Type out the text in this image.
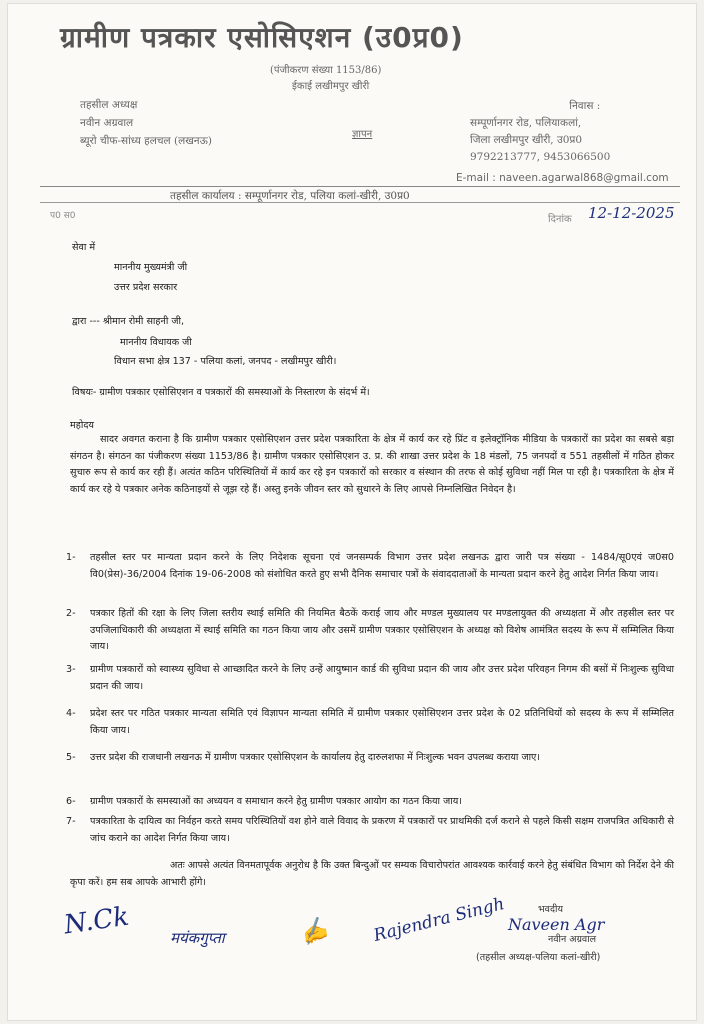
ग्रामीण पत्रकार एसोसिएशन (उ0प्र0)
(पंजीकरण संख्या 1153/86)
ईकाई लखीमपुर खीरी
तहसील अध्यक्ष
नवीन अग्रवाल
ब्यूरो चीफ-सांध्य हलचल (लखनऊ)
ज्ञापन
निवास :
सम्पूर्णानगर रोड, पलियाकलां,
जिला लखीमपुर खीरी, उ0प्र0
9792213777, 9453066500
E-mail : naveen.agarwal868@gmail.com
तहसील कार्यालय : सम्पूर्णानगर रोड, पलिया कलां-खीरी, उ0प्र0
प0 स0	दिनांक 12-12-2025
सेवा में
माननीय मुख्यमंत्री जी
उत्तर प्रदेश सरकार
द्वारा --- श्रीमान रोमी साहनी जी,
माननीय विधायक जी
विधान सभा क्षेत्र 137 - पलिया कलां, जनपद - लखीमपुर खीरी।
विषयः- ग्रामीण पत्रकार एसोसिएशन व पत्रकारों की समस्याओं के निस्तारण के संदर्भ में।
महोदय
सादर अवगत कराना है कि ग्रामीण पत्रकार एसोसिएशन उत्तर प्रदेश पत्रकारिता के क्षेत्र में कार्य कर रहे प्रिंट व इलेक्ट्रॉनिक मीडिया के पत्रकारों का प्रदेश का सबसे बड़ा संगठन है। संगठन का पंजीकरण संख्या 1153/86 है। ग्रामीण पत्रकार एसोसिएशन उ. प्र. की शाखा उत्तर प्रदेश के 18 मंडलों, 75 जनपदों व 551 तहसीलों में गठित होकर सुचारु रूप से कार्य कर रही हैं। अत्यंत कठिन परिस्थितियों में कार्य कर रहे इन पत्रकारों को सरकार व संस्थान की तरफ से कोई सुविधा नहीं मिल पा रही है। पत्रकारिता के क्षेत्र में कार्य कर रहे ये पत्रकार अनेक कठिनाइयों से जूझ रहे हैं। अस्तु इनके जीवन स्तर को सुधारने के लिए आपसे निम्नलिखित निवेदन है।
1- तहसील स्तर पर मान्यता प्रदान करने के लिए निदेशक सूचना एवं जनसम्पर्क विभाग उत्तर प्रदेश लखनऊ द्वारा जारी पत्र संख्या - 1484/सू0एवं ज0स0 वि0(प्रेस)-36/2004 दिनांक 19-06-2008 को संशोधित करते हुए सभी दैनिक समाचार पत्रों के संवाददाताओं के मान्यता प्रदान करने हेतु आदेश निर्गत किया जाय।
2- पत्रकार हितों की रक्षा के लिए जिला स्तरीय स्थाई समिति की नियमित बैठकें कराई जाय और मण्डल मुख्यालय पर मण्डलायुक्त की अध्यक्षता में और तहसील स्तर पर उपजिलाधिकारी की अध्यक्षता में स्थाई समिति का गठन किया जाय और उसमें ग्रामीण पत्रकार एसोसिएशन के अध्यक्ष को विशेष आमंत्रित सदस्य के रूप में सम्मिलित किया जाय।
3- ग्रामीण पत्रकारों को स्वास्थ्य सुविधा से आच्छादित करने के लिए उन्हें आयुष्मान कार्ड की सुविधा प्रदान की जाय और उत्तर प्रदेश परिवहन निगम की बसों में निःशुल्क सुविधा प्रदान की जाय।
4- प्रदेश स्तर पर गठित पत्रकार मान्यता समिति एवं विज्ञापन मान्यता समिति में ग्रामीण पत्रकार एसोसिएशन उत्तर प्रदेश के 02 प्रतिनिधियों को सदस्य के रूप में सम्मिलित किया जाय।
5- उत्तर प्रदेश की राजधानी लखनऊ में ग्रामीण पत्रकार एसोसिएशन के कार्यालय हेतु दारुलशफा में निःशुल्क भवन उपलब्ध कराया जाए।
6- ग्रामीण पत्रकारों के समस्याओं का अध्ययन व समाधान करने हेतु ग्रामीण पत्रकार आयोग का गठन किया जाय।
7- पत्रकारिता के दायित्व का निर्वहन करते समय परिस्थितियों वश होने वाले विवाद के प्रकरण में पत्रकारों पर प्राथमिकी दर्ज कराने से पहले किसी सक्षम राजपत्रित अधिकारी से जांच कराने का आदेश निर्गत किया जाय।
अतः आपसे अत्यंत विनमतापूर्वक अनुरोध है कि उक्त बिन्दुओं पर सम्यक विचारोपरांत आवश्यक कार्रवाई करने हेतु संबंधित विभाग को निर्देश देने की कृपा करें। हम सब आपके आभारी होंगे।
N.Ck	मयंकगुप्ता	✍ Rajendra Singh Naveen Agr
भवदीय
नवीन अग्रवाल
(तहसील अध्यक्ष-पलिया कलां-खीरी)
